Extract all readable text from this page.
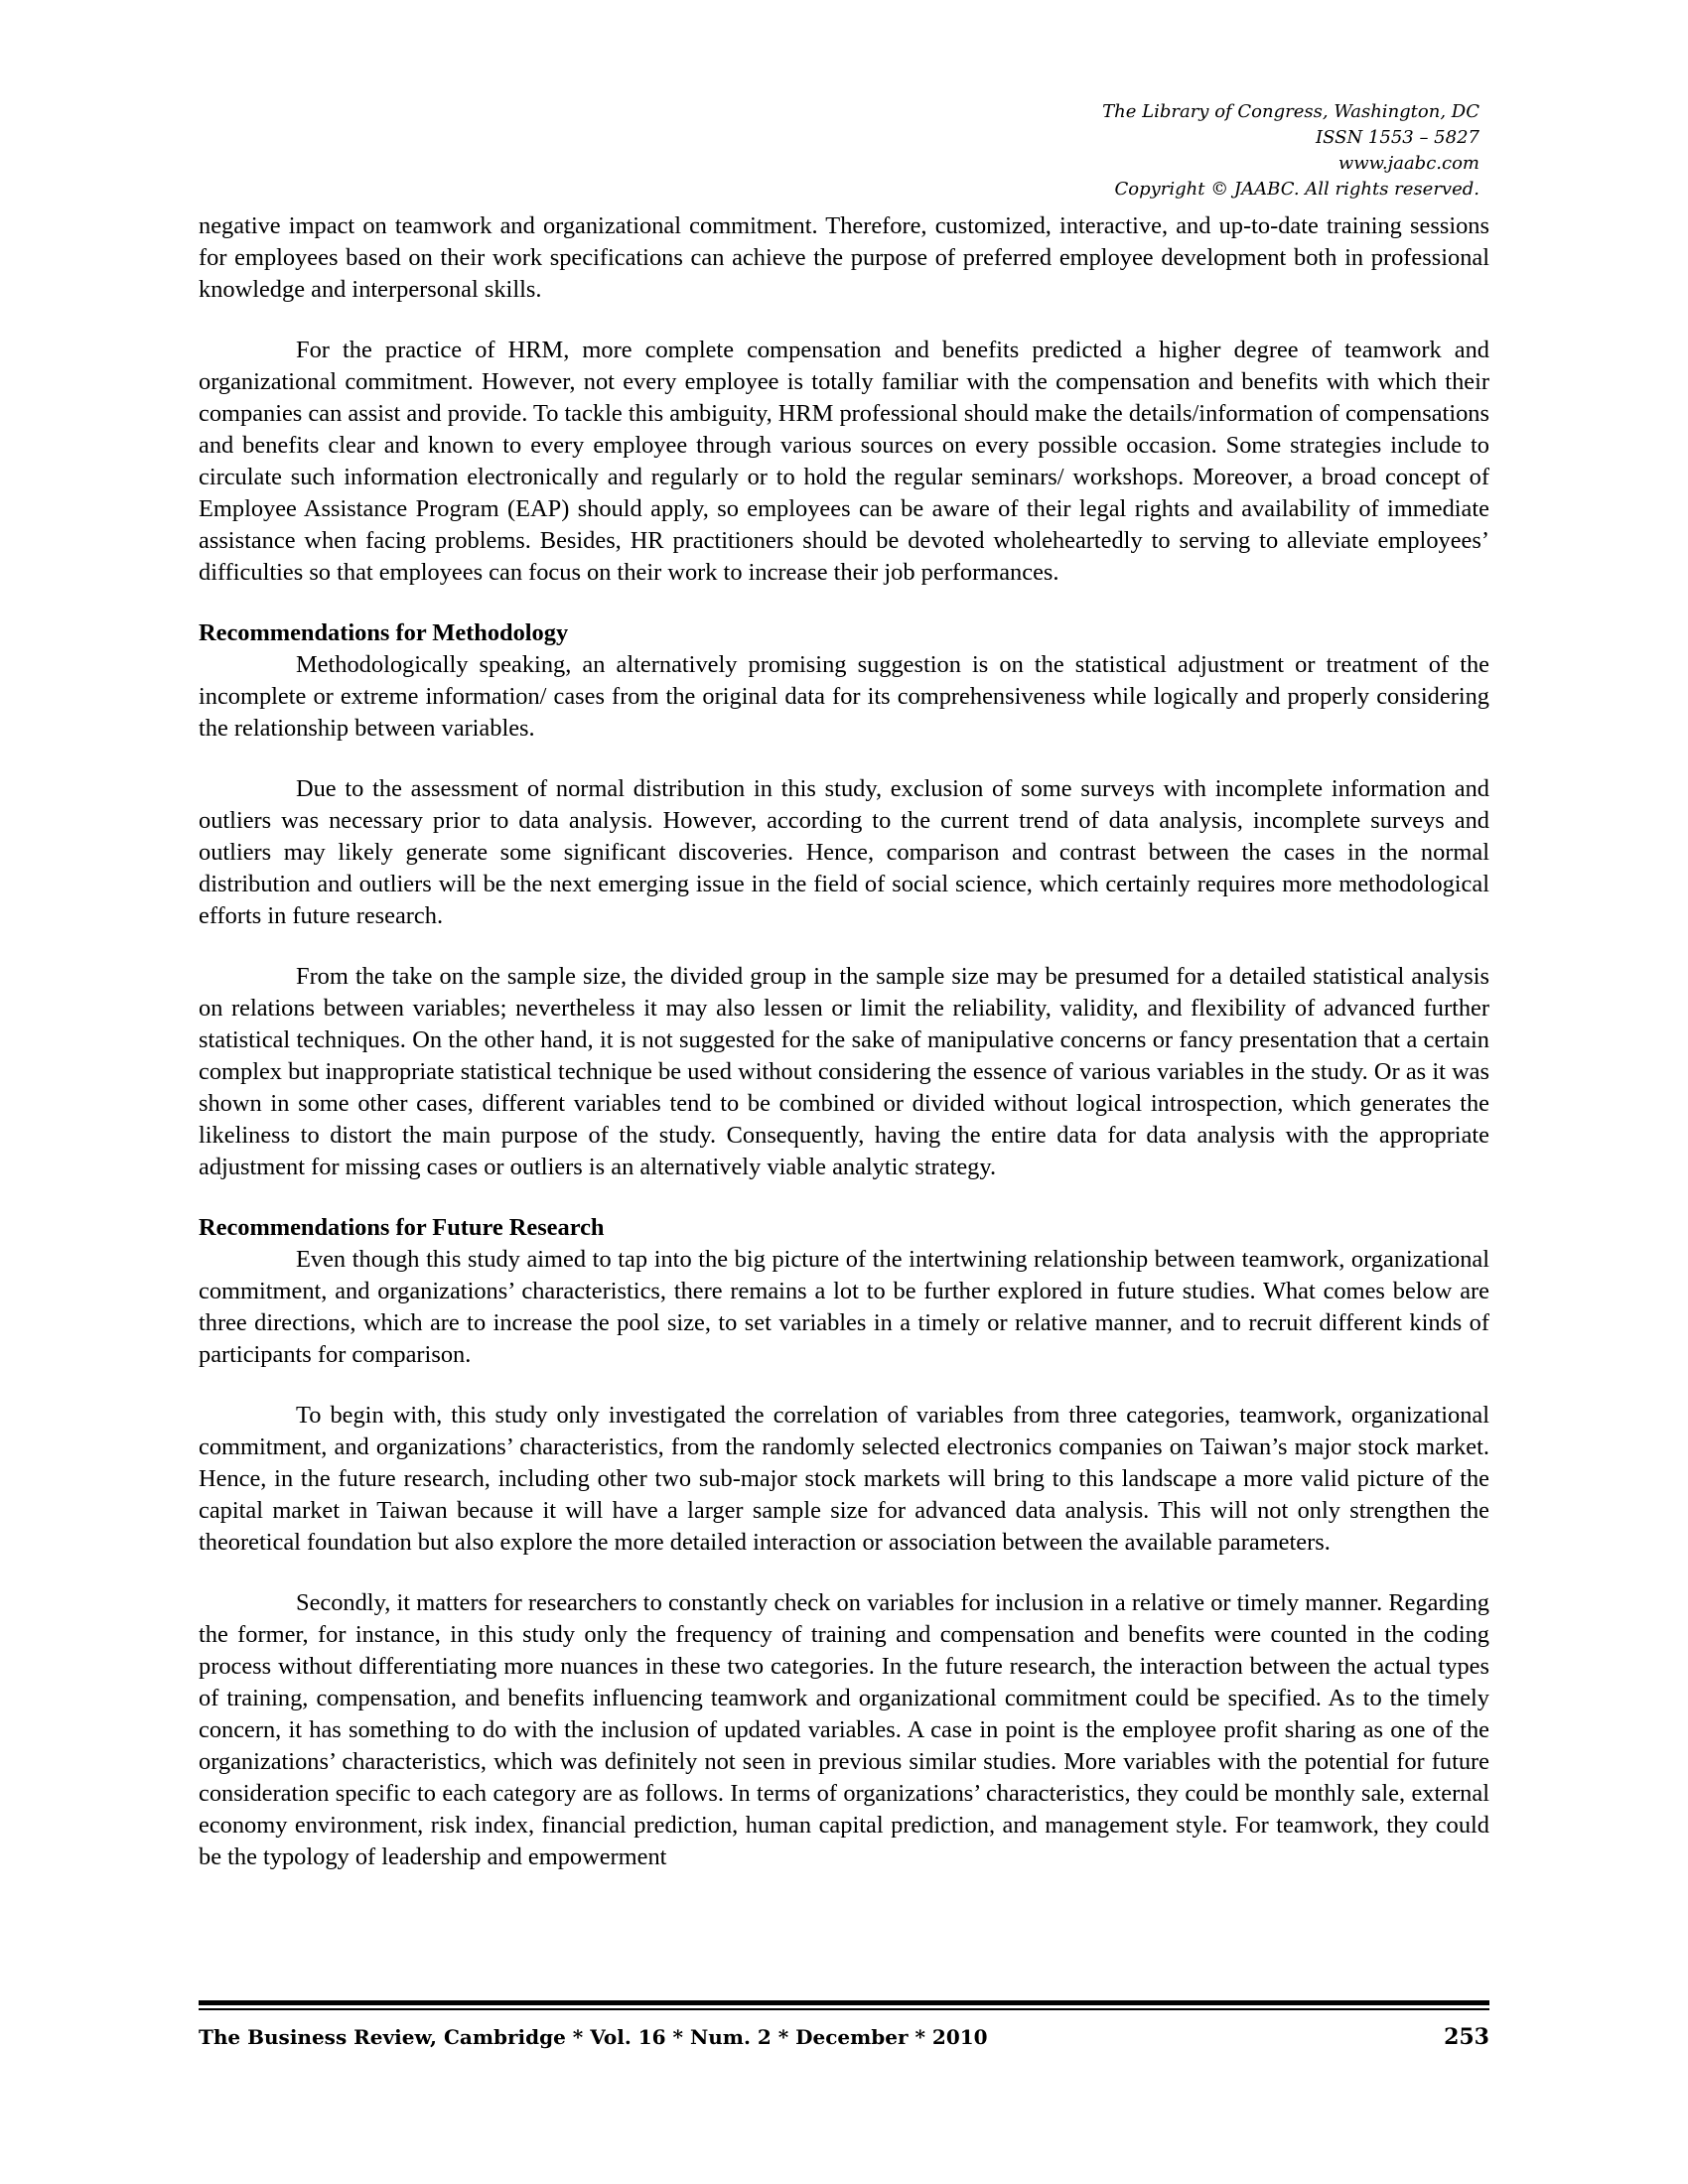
The Library of Congress, Washington, DC
ISSN 1553 – 5827
www.jaabc.com
Copyright © JAABC. All rights reserved.

negative impact on teamwork and organizational commitment. Therefore, customized, interactive, and up-to-date training sessions for employees based on their work specifications can achieve the purpose of preferred employee development both in professional knowledge and interpersonal skills.

For the practice of HRM, more complete compensation and benefits predicted a higher degree of teamwork and organizational commitment. However, not every employee is totally familiar with the compensation and benefits with which their companies can assist and provide. To tackle this ambiguity, HRM professional should make the details/information of compensations and benefits clear and known to every employee through various sources on every possible occasion. Some strategies include to circulate such information electronically and regularly or to hold the regular seminars/ workshops. Moreover, a broad concept of Employee Assistance Program (EAP) should apply, so employees can be aware of their legal rights and availability of immediate assistance when facing problems. Besides, HR practitioners should be devoted wholeheartedly to serving to alleviate employees’ difficulties so that employees can focus on their work to increase their job performances.

Recommendations for Methodology

Methodologically speaking, an alternatively promising suggestion is on the statistical adjustment or treatment of the incomplete or extreme information/ cases from the original data for its comprehensiveness while logically and properly considering the relationship between variables.

Due to the assessment of normal distribution in this study, exclusion of some surveys with incomplete information and outliers was necessary prior to data analysis. However, according to the current trend of data analysis, incomplete surveys and outliers may likely generate some significant discoveries. Hence, comparison and contrast between the cases in the normal distribution and outliers will be the next emerging issue in the field of social science, which certainly requires more methodological efforts in future research.

From the take on the sample size, the divided group in the sample size may be presumed for a detailed statistical analysis on relations between variables; nevertheless it may also lessen or limit the reliability, validity, and flexibility of advanced further statistical techniques. On the other hand, it is not suggested for the sake of manipulative concerns or fancy presentation that a certain complex but inappropriate statistical technique be used without considering the essence of various variables in the study. Or as it was shown in some other cases, different variables tend to be combined or divided without logical introspection, which generates the likeliness to distort the main purpose of the study. Consequently, having the entire data for data analysis with the appropriate adjustment for missing cases or outliers is an alternatively viable analytic strategy.

Recommendations for Future Research

Even though this study aimed to tap into the big picture of the intertwining relationship between teamwork, organizational commitment, and organizations’ characteristics, there remains a lot to be further explored in future studies. What comes below are three directions, which are to increase the pool size, to set variables in a timely or relative manner, and to recruit different kinds of participants for comparison.

To begin with, this study only investigated the correlation of variables from three categories, teamwork, organizational commitment, and organizations’ characteristics, from the randomly selected electronics companies on Taiwan’s major stock market. Hence, in the future research, including other two sub-major stock markets will bring to this landscape a more valid picture of the capital market in Taiwan because it will have a larger sample size for advanced data analysis. This will not only strengthen the theoretical foundation but also explore the more detailed interaction or association between the available parameters.

Secondly, it matters for researchers to constantly check on variables for inclusion in a relative or timely manner. Regarding the former, for instance, in this study only the frequency of training and compensation and benefits were counted in the coding process without differentiating more nuances in these two categories. In the future research, the interaction between the actual types of training, compensation, and benefits influencing teamwork and organizational commitment could be specified. As to the timely concern, it has something to do with the inclusion of updated variables. A case in point is the employee profit sharing as one of the organizations’ characteristics, which was definitely not seen in previous similar studies. More variables with the potential for future consideration specific to each category are as follows. In terms of organizations’ characteristics, they could be monthly sale, external economy environment, risk index, financial prediction, human capital prediction, and management style. For teamwork, they could be the typology of leadership and empowerment

The Business Review, Cambridge * Vol. 16 * Num. 2 * December * 2010	253
